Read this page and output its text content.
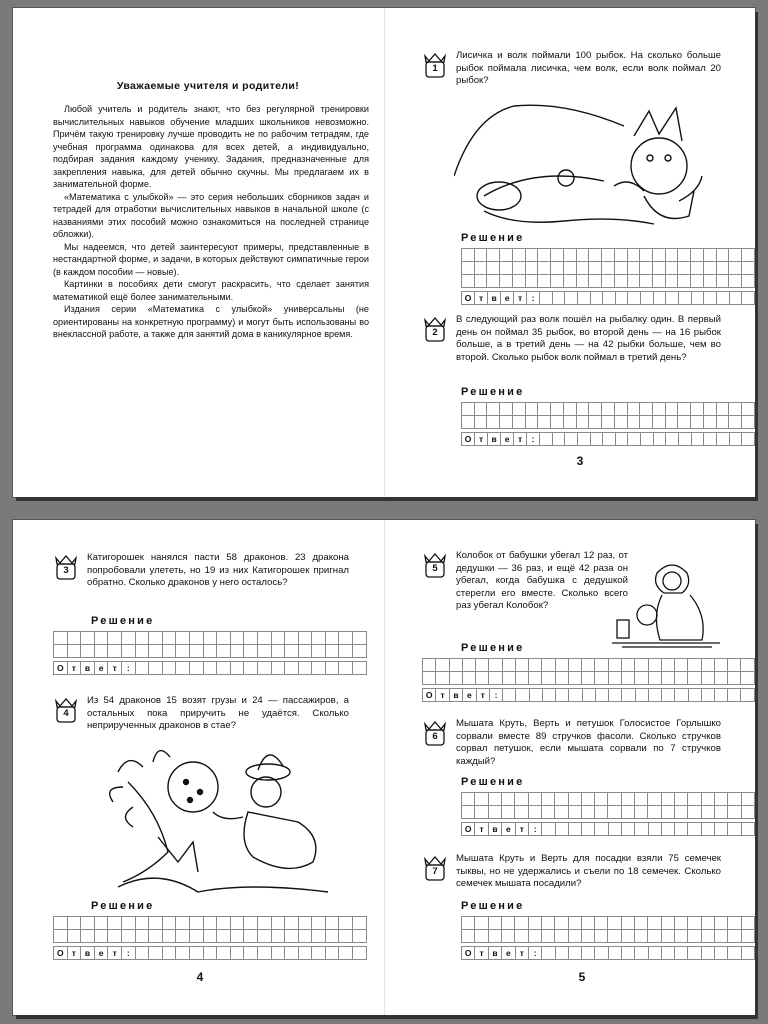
Уважаемые учителя и родители!

Любой учитель и родитель знают, что без регулярной тренировки вычислительных навыков обучение младших школьников невозможно. Причём такую тренировку лучше проводить не по рабочим тетрадям, где учебная программа одинакова для всех детей, а индивидуально, подбирая задания каждому ученику. Задания, предназначенные для закрепления навыка, для детей обычно скучны. Мы предлагаем их в занимательной форме.

«Математика с улыбкой» — это серия небольших сборников задач и тетрадей для отработки вычислительных навыков в начальной школе (с названиями этих пособий можно ознакомиться на последней странице обложки).

Мы надеемся, что детей заинтересуют примеры, представленные в нестандартной форме, и задачи, в которых действуют симпатичные герои (в каждом пособии — новые).

Картинки в пособиях дети смогут раскрасить, что сделает занятия математикой ещё более занимательными.

Издания серии «Математика с улыбкой» универсальны (не ориентированы на конкретную программу) и могут быть использованы во внеклассной работе, а также для занятий дома в каникулярное время.

1

Лисичка и волк поймали 100 рыбок. На сколько больше рыбок поймала лисичка, чем волк, если волк поймал 20 рыбок?

Решение

О	т	в	е	т	:																	
2

В следующий раз волк пошёл на рыбалку один. В первый день он поймал 35 рыбок, во второй день — на 16 рыбок больше, а в третий день — на 42 рыбки больше, чем во второй. Сколько рыбок волк поймал в третий день?

Решение

О	т	в	е	т	:																	
3
3

Катигорошек нанялся пасти 58 драконов. 23 дракона попробовали улететь, но 19 из них Катигорошек пригнал обратно. Сколько драконов у него осталось?

Решение

О	т	в	е	т	:																	
4

Из 54 драконов 15 возят грузы и 24 — пассажиров, а остальных пока приручить не удаётся. Сколько неприрученных драконов в стае?

Решение

О	т	в	е	т	:																	
4
5

Колобок от бабушки убегал 12 раз, от дедушки — 36 раз, и ещё 42 раза он убегал, когда бабушка с дедушкой стерегли его вместе. Сколько всего раз убегал Колобок?

Решение

О	т	в	е	т	:																			
6

Мышата Круть, Верть и петушок Голосистое Горлышко сорвали вместе 89 стручков фасоли. Сколько стручков сорвал петушок, если мышата сорвали по 7 стручков каждый?

Решение

О	т	в	е	т	:																
7

Мышата Круть и Верть для посадки взяли 75 семечек тыквы, но не удержались и съели по 18 семечек. Сколько семечек мышата посадили?

Решение

О	т	в	е	т	:																
5
